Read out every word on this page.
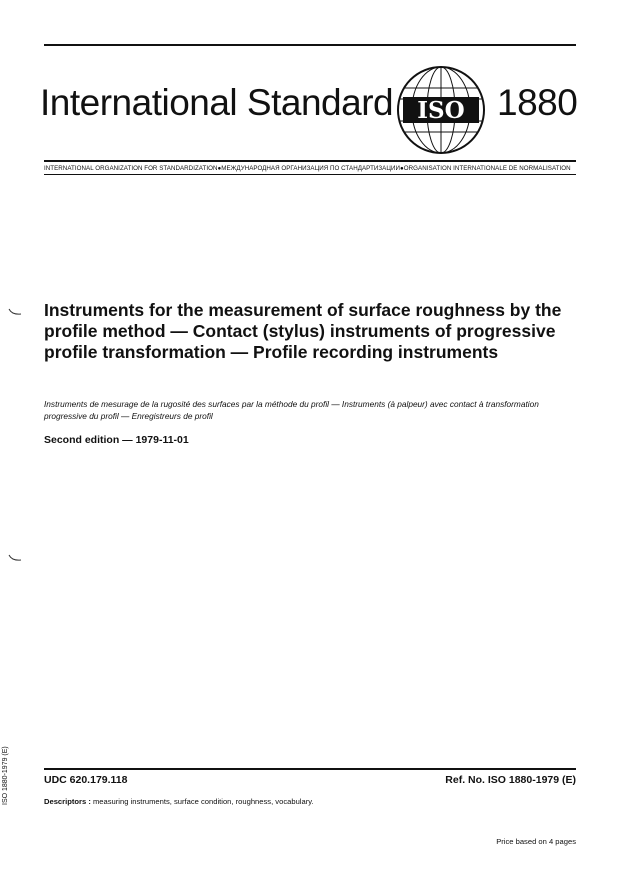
International Standard ISO 1880
INTERNATIONAL ORGANIZATION FOR STANDARDIZATION●МЕЖДУНАРОДНАЯ ОРГАНИЗАЦИЯ ПО СТАНДАРТИЗАЦИИ●ORGANISATION INTERNATIONALE DE NORMALISATION
Instruments for the measurement of surface roughness by the profile method — Contact (stylus) instruments of progressive profile transformation — Profile recording instruments
Instruments de mesurage de la rugosité des surfaces par la méthode du profil — Instruments (à palpeur) avec contact à transformation progressive du profil — Enregistreurs de profil
Second edition — 1979-11-01
UDC 620.179.118	Ref. No. ISO 1880-1979 (E)
Descriptors : measuring instruments, surface condition, roughness, vocabulary.
Price based on 4 pages
ISO 1880-1979 (E)
